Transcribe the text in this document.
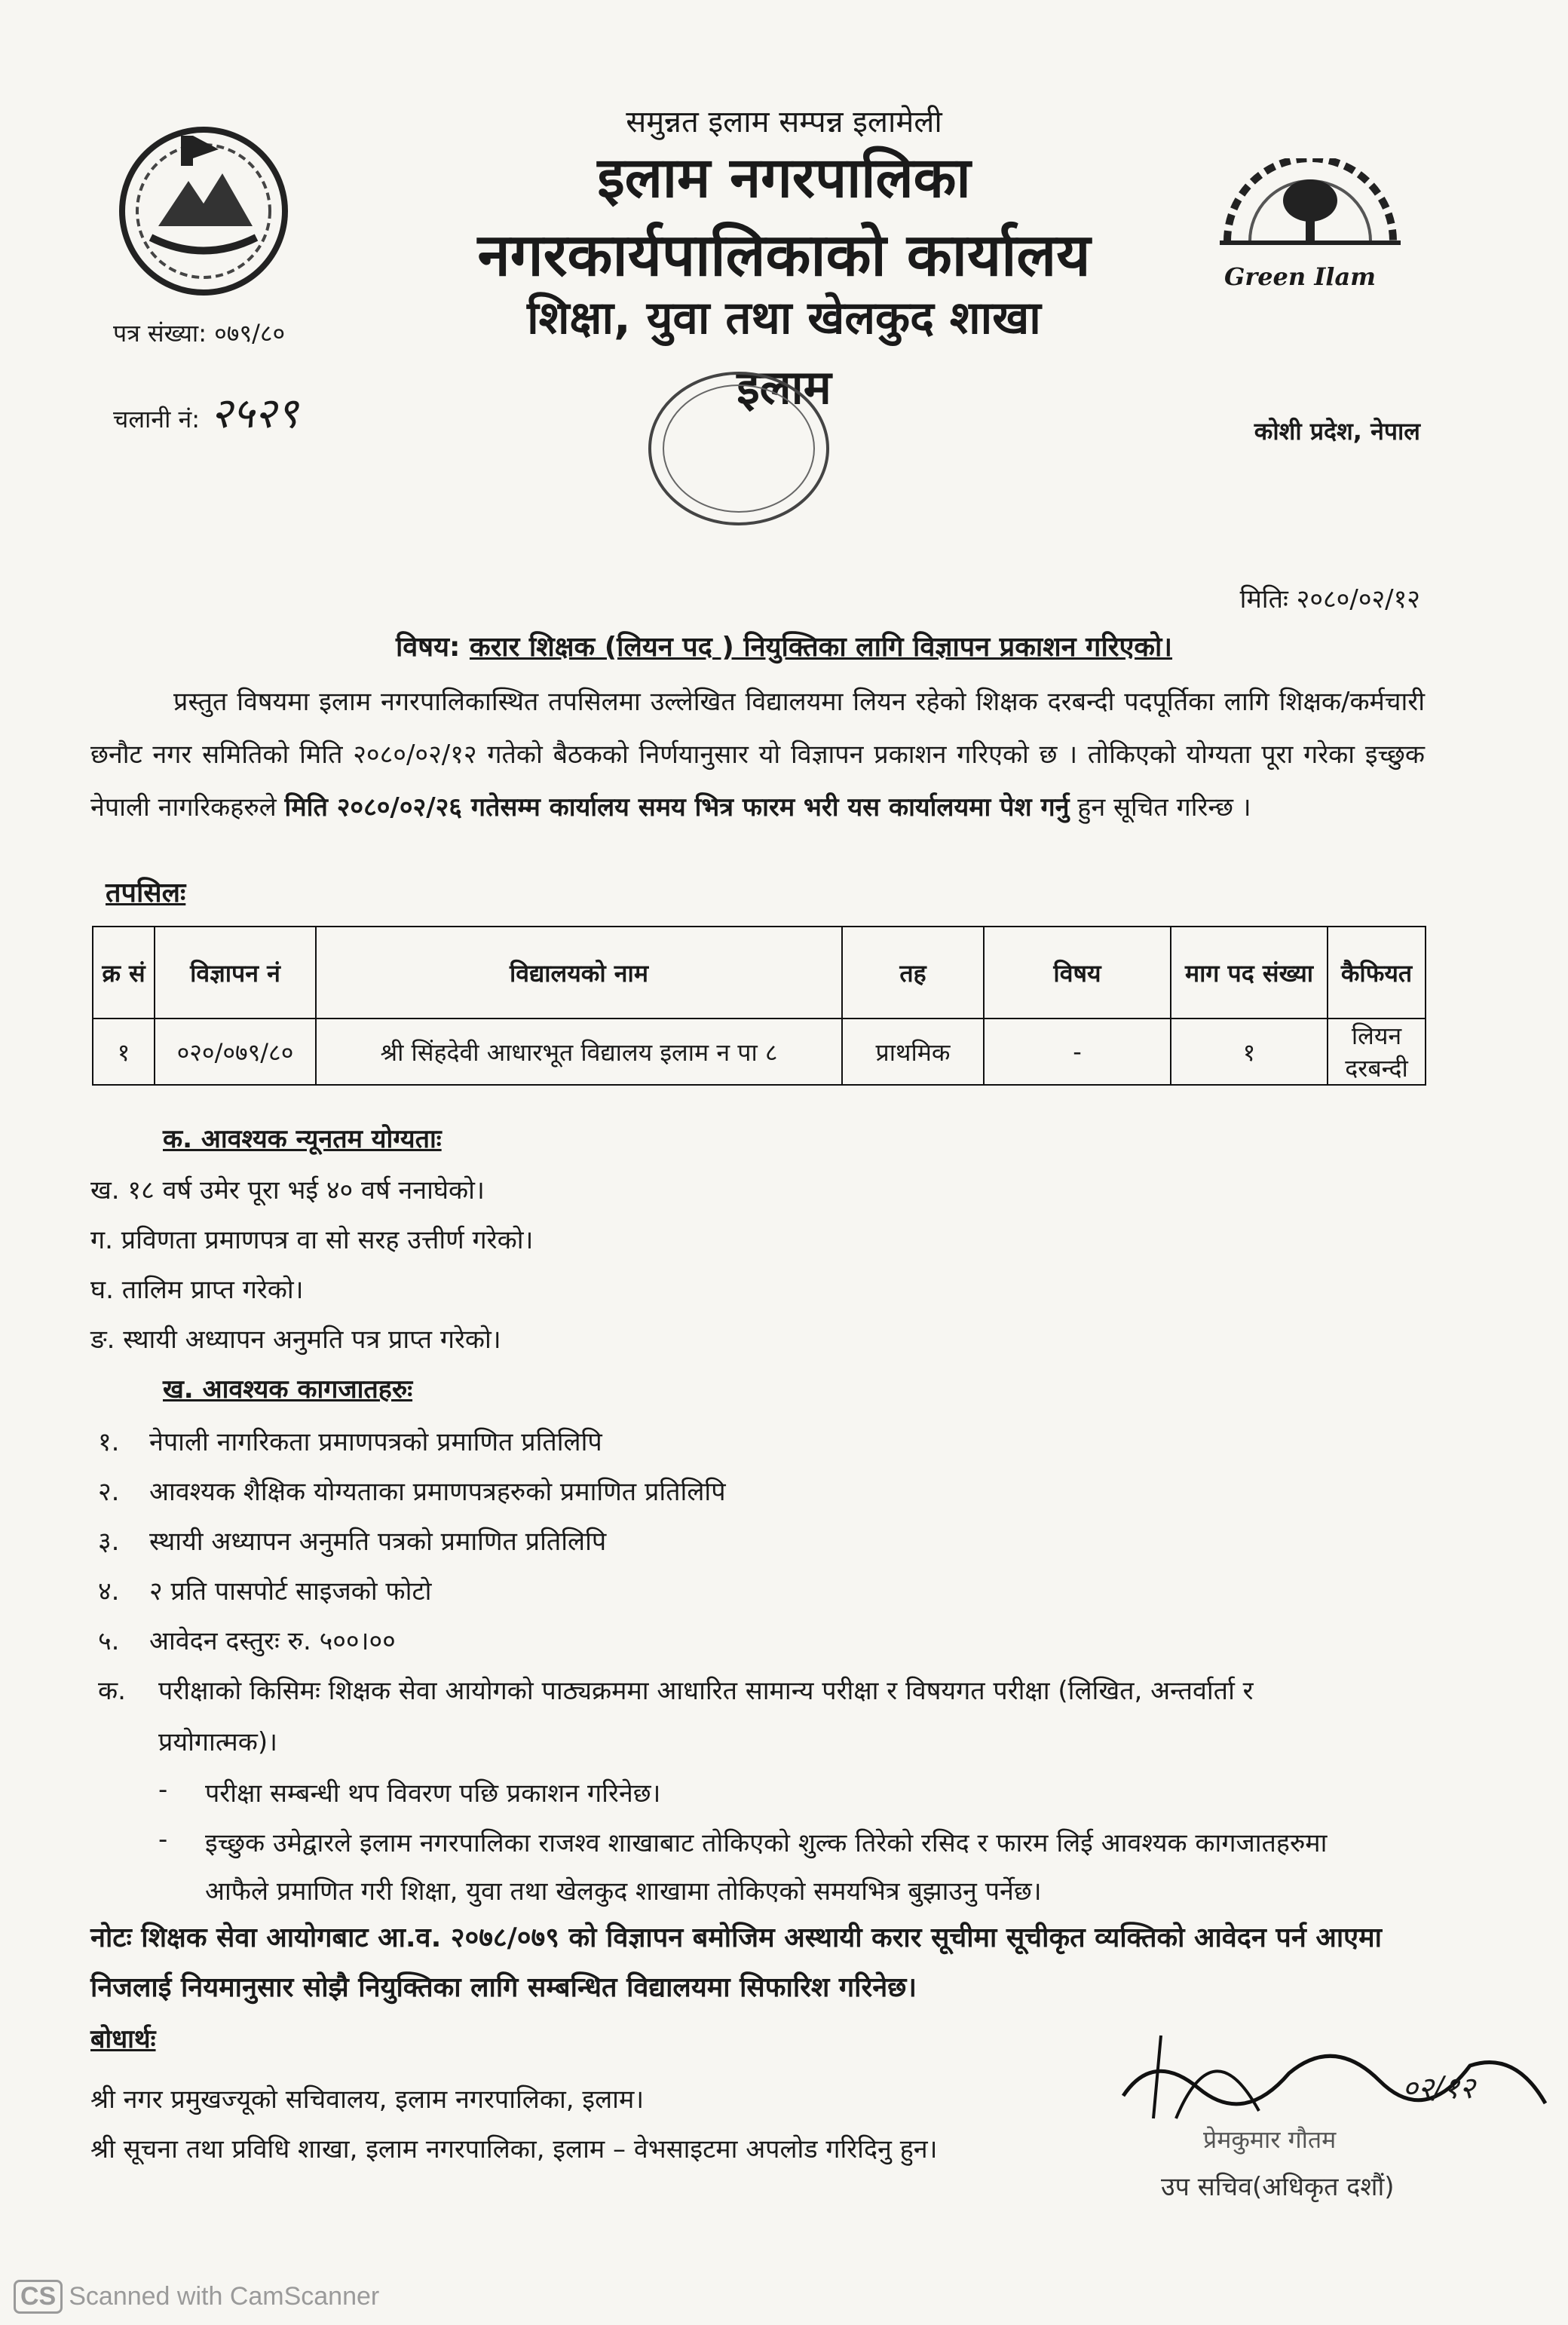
Green Ilam
समुन्नत इलाम सम्पन्न इलामेली
इलाम नगरपालिका
नगरकार्यपालिकाको कार्यालय
शिक्षा, युवा तथा खेलकुद शाखा
इलाम
पत्र संख्या: ०७९/८०
चलानी नं: २५२९	कोशी प्रदेश, नेपाल
मितिः २०८०/०२/१२
विषय: करार शिक्षक (लियन पद ) नियुक्तिका लागि विज्ञापन प्रकाशन गरिएको।
प्रस्तुत विषयमा इलाम नगरपालिकास्थित तपसिलमा उल्लेखित विद्यालयमा लियन रहेको शिक्षक दरबन्दी पदपूर्तिका लागि शिक्षक/कर्मचारी छनौट नगर समितिको मिति २०८०/०२/१२ गतेको बैठकको निर्णयानुसार यो विज्ञापन प्रकाशन गरिएको छ । तोकिएको योग्यता पूरा गरेका इच्छुक नेपाली नागरिकहरुले मिति २०८०/०२/२६ गतेसम्म कार्यालय समय भित्र फारम भरी यस कार्यालयमा पेश गर्नु हुन सूचित गरिन्छ ।
तपसिलः
क्र सं	विज्ञापन नं	विद्यालयको नाम	तह	विषय	माग पद संख्या	कैफियत
१	०२०/०७९/८०	श्री सिंहदेवी आधारभूत विद्यालय इलाम न पा ८	प्राथमिक	-	१	लियन दरबन्दी
क. आवश्यक न्यूनतम योग्यताः
ख. १८ वर्ष उमेर पूरा भई ४० वर्ष ननाघेको।
ग. प्रविणता प्रमाणपत्र वा सो सरह उत्तीर्ण गरेको।
घ. तालिम प्राप्त गरेको।
ङ. स्थायी अध्यापन अनुमति पत्र प्राप्त गरेको।
ख. आवश्यक कागजातहरुः
१. नेपाली नागरिकता प्रमाणपत्रको प्रमाणित प्रतिलिपि
२. आवश्यक शैक्षिक योग्यताका प्रमाणपत्रहरुको प्रमाणित प्रतिलिपि
३. स्थायी अध्यापन अनुमति पत्रको प्रमाणित प्रतिलिपि
४. २ प्रति पासपोर्ट साइजको फोटो
५. आवेदन दस्तुरः रु. ५००।००
क. परीक्षाको किसिमः शिक्षक सेवा आयोगको पाठ्यक्रममा आधारित सामान्य परीक्षा र विषयगत परीक्षा (लिखित, अन्तर्वार्ता र
प्रयोगात्मक)।
- परीक्षा सम्बन्धी थप विवरण पछि प्रकाशन गरिनेछ।
- इच्छुक उमेद्वारले इलाम नगरपालिका राजश्व शाखाबाट तोकिएको शुल्क तिरेको रसिद र फारम लिई आवश्यक कागजातहरुमा
आफैले प्रमाणित गरी शिक्षा, युवा तथा खेलकुद शाखामा तोकिएको समयभित्र बुझाउनु पर्नेछ।
नोटः शिक्षक सेवा आयोगबाट आ.व. २०७८/०७९ को विज्ञापन बमोजिम अस्थायी करार सूचीमा सूचीकृत व्यक्तिको आवेदन पर्न आएमा निजलाई नियमानुसार सोझै नियुक्तिका लागि सम्बन्धित विद्यालयमा सिफारिश गरिनेछ।
बोधार्थः
श्री नगर प्रमुखज्यूको सचिवालय, इलाम नगरपालिका, इलाम।
श्री सूचना तथा प्रविधि शाखा, इलाम नगरपालिका, इलाम – वेभसाइटमा अपलोड गरिदिनु हुन।
०२/१२
प्रेमकुमार गौतम
उप सचिव(अधिकृत दशौं)
CS Scanned with CamScanner
